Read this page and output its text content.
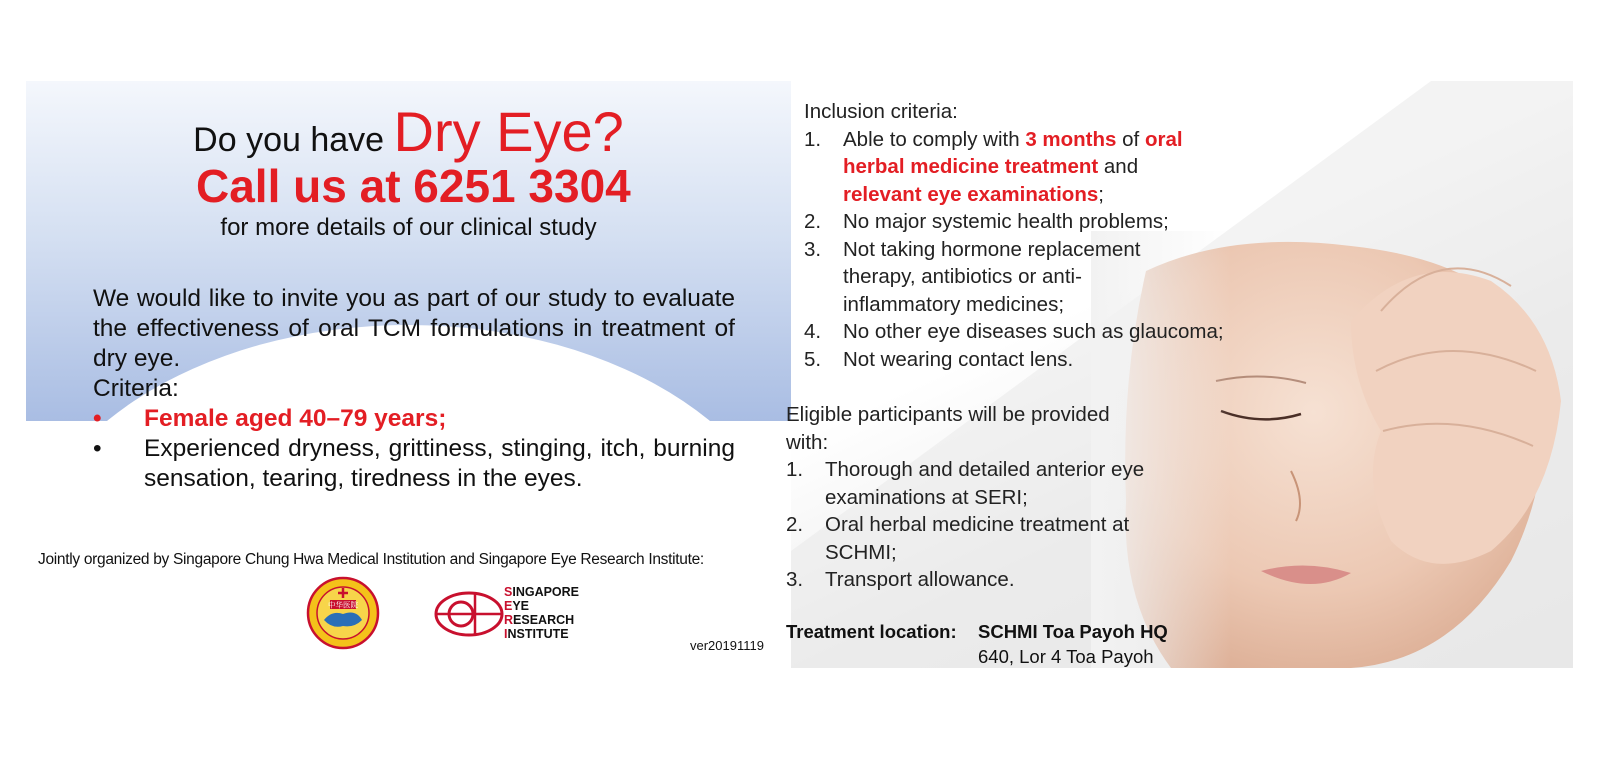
Do you have Dry Eye?
Call us at 6251 3304
for more details of our clinical study
We would like to invite you as part of our study to evaluate the effectiveness of oral TCM formulations in treatment of dry eye.
Criteria:
• Female aged 40–79 years;
• Experienced dryness, grittiness, stinging, itch, burning sensation, tearing, tiredness in the eyes.
Jointly organized by Singapore Chung Hwa Medical Institution and Singapore Eye Research Institute:
中华医院
SINGAPORE
EYE
RESEARCH
INSTITUTE
ver20191119
Inclusion criteria:
1. Able to comply with 3 months of oral herbal medicine treatment and
relevant eye examinations;
2. No major systemic health problems;
3. Not taking hormone replacement therapy, antibiotics or anti-inflammatory medicines;
4. No other eye diseases such as glaucoma;
5. Not wearing contact lens.
Eligible participants will be provided with:
1. Thorough and detailed anterior eye examinations at SERI;
2. Oral herbal medicine treatment at SCHMI;
3. Transport allowance.
Treatment location: SCHMI Toa Payoh HQ
640, Lor 4 Toa Payoh
